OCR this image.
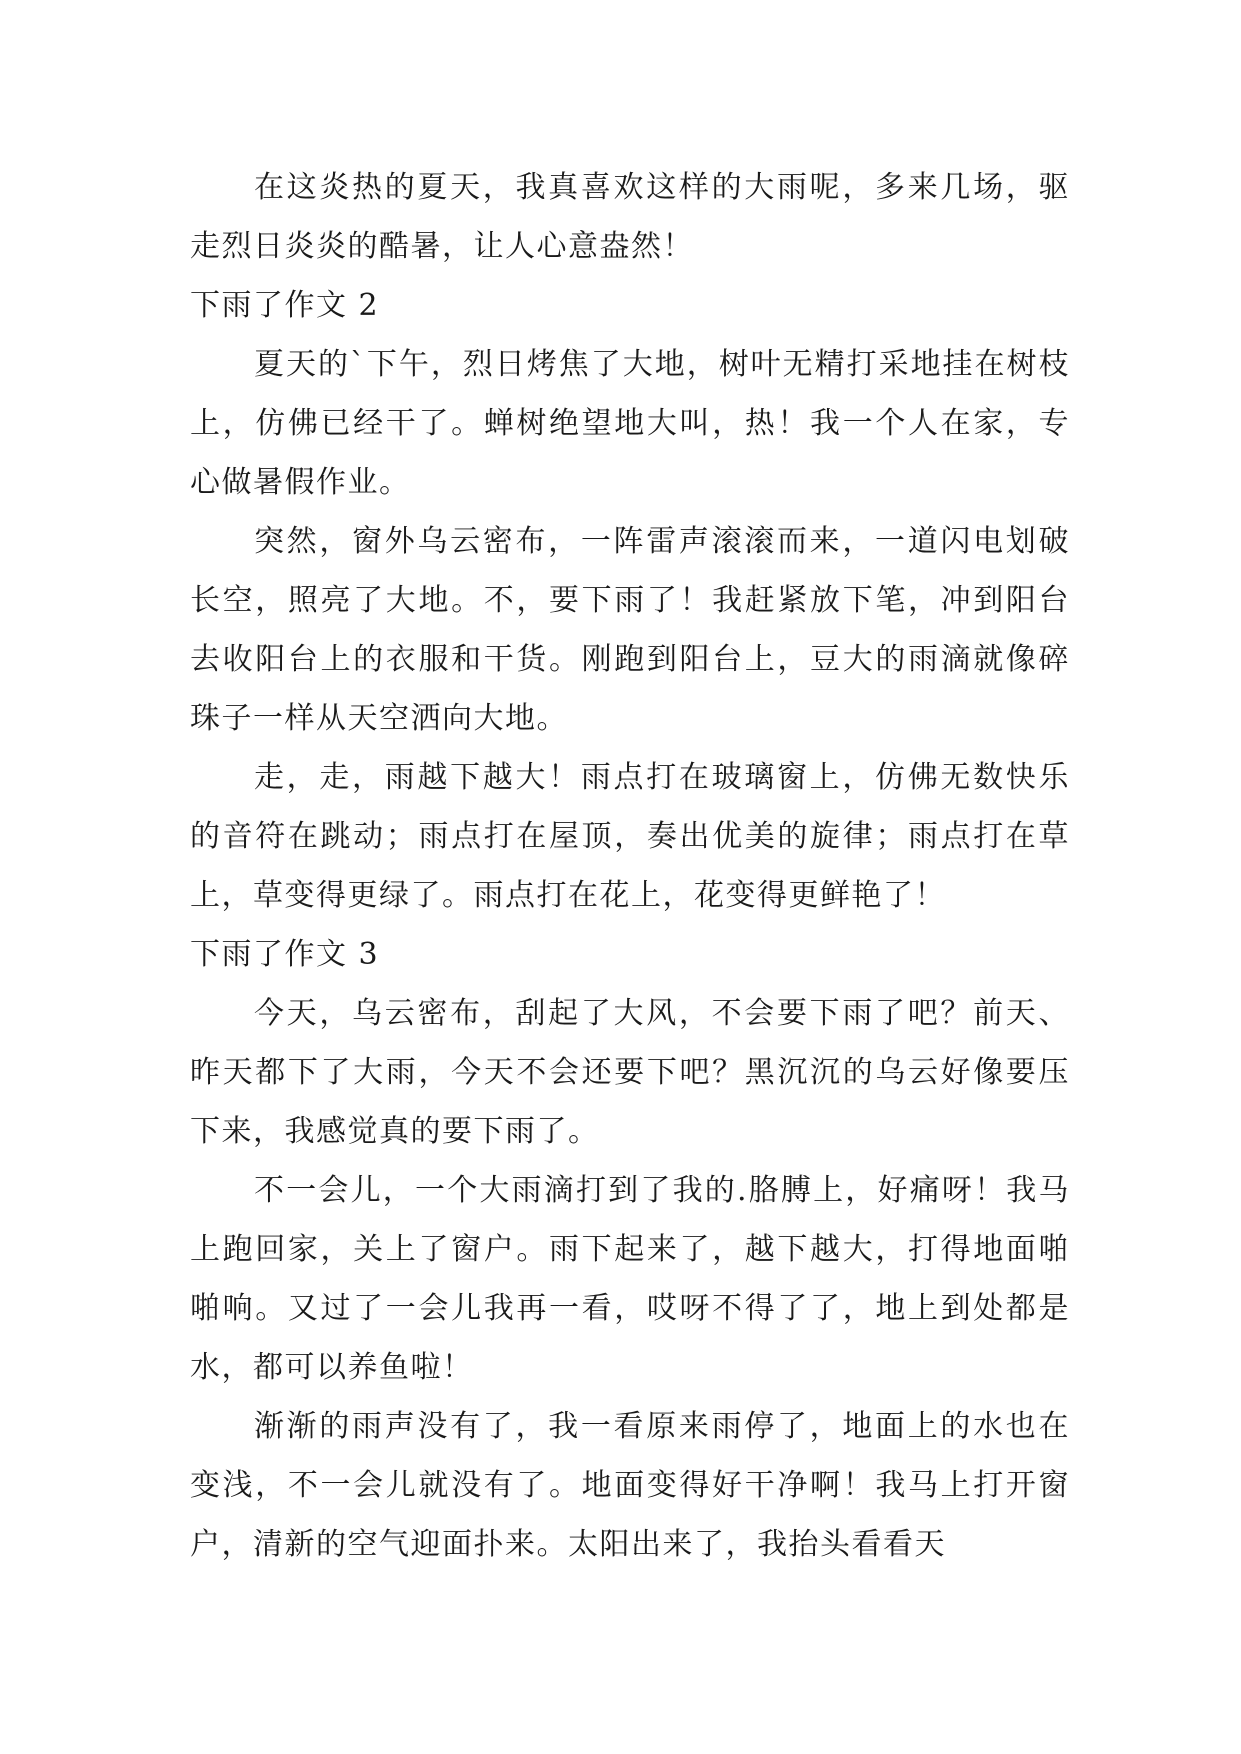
在这炎热的夏天，我真喜欢这样的大雨呢，多来几场，驱走烈日炎炎的酷暑，让人心意盎然！

下雨了作文 2

夏天的`下午，烈日烤焦了大地，树叶无精打采地挂在树枝上，仿佛已经干了。蝉树绝望地大叫，热！我一个人在家，专心做暑假作业。

突然，窗外乌云密布，一阵雷声滚滚而来，一道闪电划破长空，照亮了大地。不，要下雨了！我赶紧放下笔，冲到阳台去收阳台上的衣服和干货。刚跑到阳台上，豆大的雨滴就像碎珠子一样从天空洒向大地。

走，走，雨越下越大！雨点打在玻璃窗上，仿佛无数快乐的音符在跳动；雨点打在屋顶，奏出优美的旋律；雨点打在草上，草变得更绿了。雨点打在花上，花变得更鲜艳了！

下雨了作文 3

今天，乌云密布，刮起了大风，不会要下雨了吧？前天、昨天都下了大雨，今天不会还要下吧？黑沉沉的乌云好像要压下来，我感觉真的要下雨了。

不一会儿，一个大雨滴打到了我的.胳膊上，好痛呀！我马上跑回家，关上了窗户。雨下起来了，越下越大，打得地面啪啪响。又过了一会儿我再一看，哎呀不得了了，地上到处都是水，都可以养鱼啦！

渐渐的雨声没有了，我一看原来雨停了，地面上的水也在变浅，不一会儿就没有了。地面变得好干净啊！我马上打开窗户，清新的空气迎面扑来。太阳出来了，我抬头看看天
